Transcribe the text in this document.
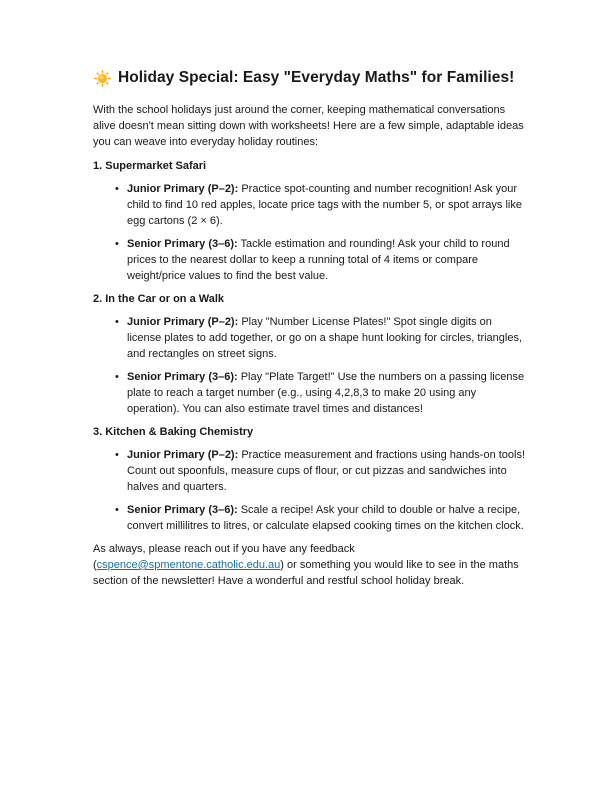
Holiday Special: Easy "Everyday Maths" for Families!

With the school holidays just around the corner, keeping mathematical conversations alive doesn't mean sitting down with worksheets! Here are a few simple, adaptable ideas you can weave into everyday holiday routines:

1. Supermarket Safari
• Junior Primary (P–2): Practice spot-counting and number recognition! Ask your child to find 10 red apples, locate price tags with the number 5, or spot arrays like egg cartons (2 × 6).
• Senior Primary (3–6): Tackle estimation and rounding! Ask your child to round prices to the nearest dollar to keep a running total of 4 items or compare weight/price values to find the best value.
2. In the Car or on a Walk
• Junior Primary (P–2): Play "Number License Plates!" Spot single digits on license plates to add together, or go on a shape hunt looking for circles, triangles, and rectangles on street signs.
• Senior Primary (3–6): Play "Plate Target!" Use the numbers on a passing license plate to reach a target number (e.g., using 4,2,8,3 to make 20 using any operation). You can also estimate travel times and distances!
3. Kitchen & Baking Chemistry
• Junior Primary (P–2): Practice measurement and fractions using hands-on tools! Count out spoonfuls, measure cups of flour, or cut pizzas and sandwiches into halves and quarters.
• Senior Primary (3–6): Scale a recipe! Ask your child to double or halve a recipe, convert millilitres to litres, or calculate elapsed cooking times on the kitchen clock.

As always, please reach out if you have any feedback (cspence@spmentone.catholic.edu.au) or something you would like to see in the maths section of the newsletter! Have a wonderful and restful school holiday break.
